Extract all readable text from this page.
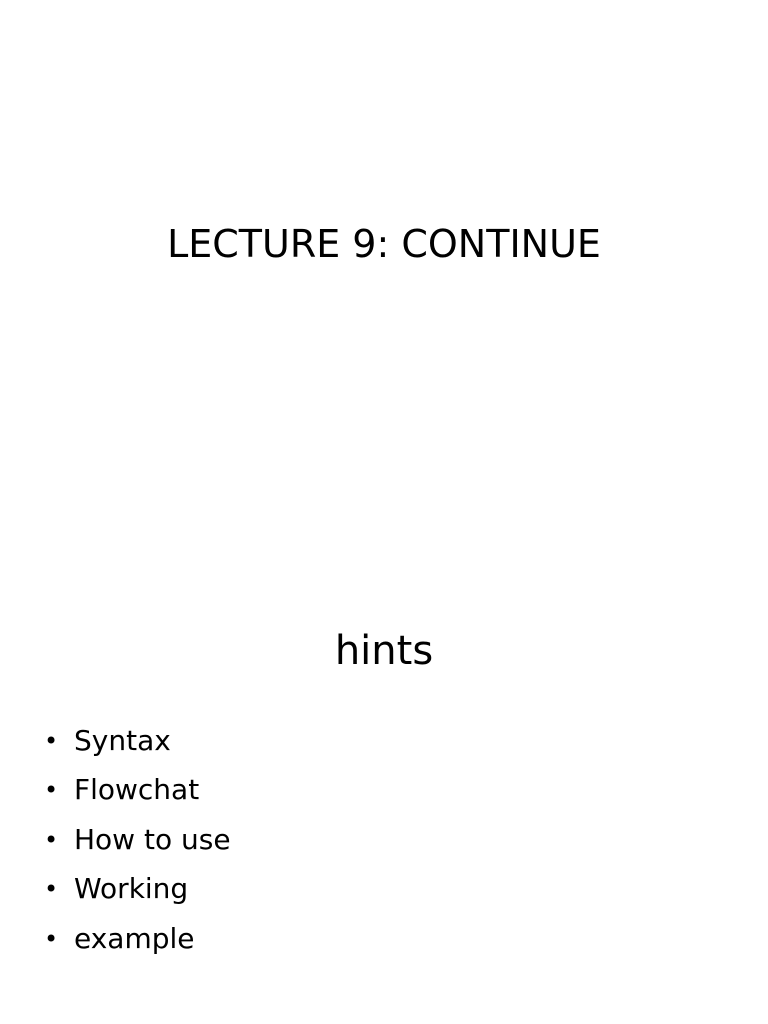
LECTURE 9: CONTINUE
hints
• Syntax
• Flowchat
• How to use
• Working
• example
